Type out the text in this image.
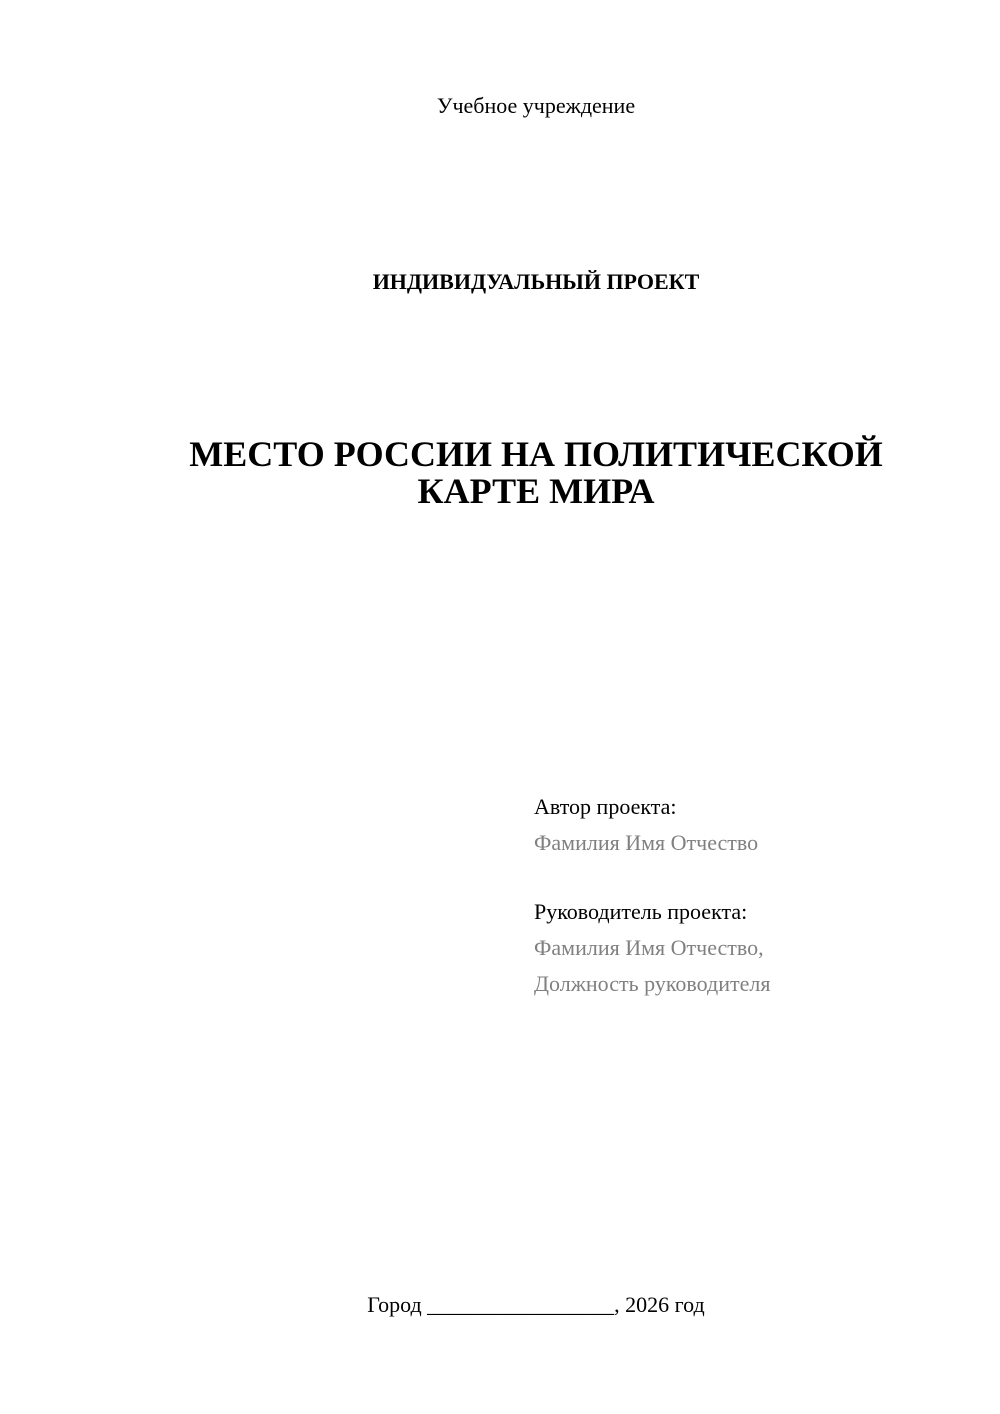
Учебное учреждение
ИНДИВИДУАЛЬНЫЙ ПРОЕКТ
МЕСТО РОССИИ НА ПОЛИТИЧЕСКОЙ
КАРТЕ МИРА
Автор проекта:
Фамилия Имя Отчество
Руководитель проекта:
Фамилия Имя Отчество,
Должность руководителя
Город _________________, 2026 год
